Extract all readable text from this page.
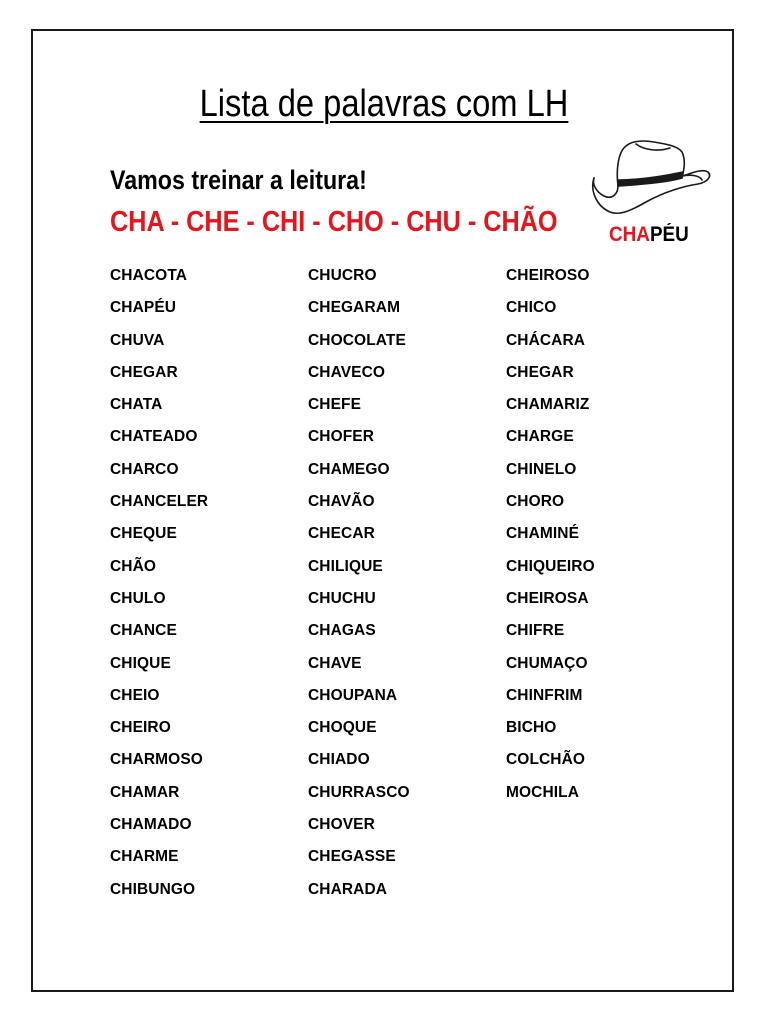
Lista de palavras com LH
Vamos treinar a leitura!
CHA - CHE - CHI - CHO - CHU - CHÃO CHAPÉU
CHACOTA
CHAPÉU
CHUVA
CHEGAR
CHATA
CHATEADO
CHARCO
CHANCELER
CHEQUE
CHÃO
CHULO
CHANCE
CHIQUE
CHEIO
CHEIRO
CHARMOSO
CHAMAR
CHAMADO
CHARME
CHIBUNGO
CHUCRO
CHEGARAM
CHOCOLATE
CHAVECO
CHEFE
CHOFER
CHAMEGO
CHAVÃO
CHECAR
CHILIQUE
CHUCHU
CHAGAS
CHAVE
CHOUPANA
CHOQUE
CHIADO
CHURRASCO
CHOVER
CHEGASSE
CHARADA
CHEIROSO
CHICO
CHÁCARA
CHEGAR
CHAMARIZ
CHARGE
CHINELO
CHORO
CHAMINÉ
CHIQUEIRO
CHEIROSA
CHIFRE
CHUMAÇO
CHINFRIM
BICHO
COLCHÃO
MOCHILA
